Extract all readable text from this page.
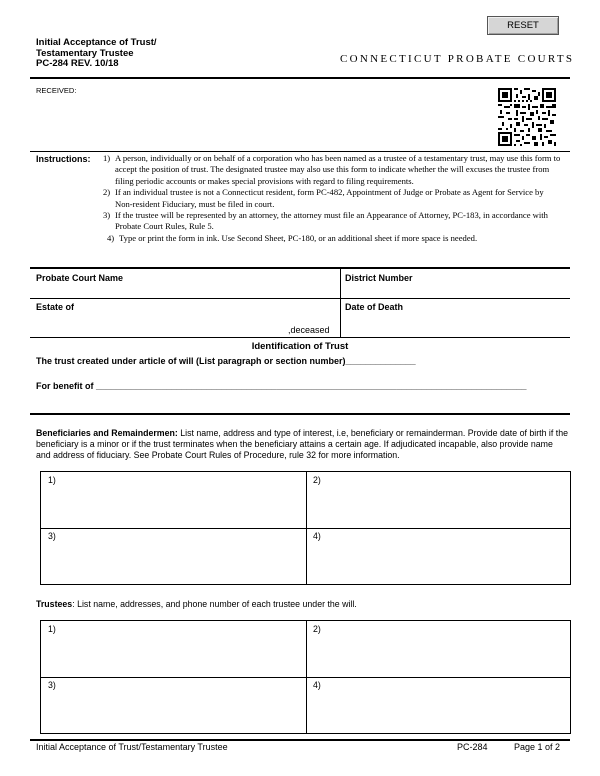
RESET
Initial Acceptance of Trust/
Testamentary Trustee
PC-284 REV. 10/18	CONNECTICUT PROBATE COURTS
RECEIVED:
Instructions: 1) A person, individually or on behalf of a corporation who has been named as a trustee of a testamentary trust, may use this form to accept the position of trust. The designated trustee may also use this form to indicate whether the will excuses the trustee from filing periodic accounts or makes special provisions with regard to filing requirements.
2) If an individual trustee is not a Connecticut resident, form PC-482, Appointment of Judge or Probate as Agent for Service by Non-resident Fiduciary, must be filed in court.
3) If the trustee will be represented by an attorney, the attorney must file an Appearance of Attorney, PC-183, in accordance with Probate Court Rules, Rule 5.
4) Type or print the form in ink. Use Second Sheet, PC-180, or an additional sheet if more space is needed.
Probate Court Name	District Number
Estate of	Date of Death
,deceased
Identification of Trust
The trust created under article of will (List paragraph or section number)______________
For benefit of ______________________________________________________________________________________
Beneficiaries and Remaindermen: List name, address and type of interest, i.e, beneficiary or remainderman. Provide date of birth if the beneficiary is a minor or if the trust terminates when the beneficiary attains a certain age. If adjudicated incapable, also provide name and address of fiduciary. See Probate Court Rules of Procedure, rule 32 for more information.
1)	2)
3)	4)
Trustees: List name, addresses, and phone number of each trustee under the will.
1)	2)
3)	4)
Initial Acceptance of Trust/Testamentary Trustee	PC-284	Page 1 of 2
